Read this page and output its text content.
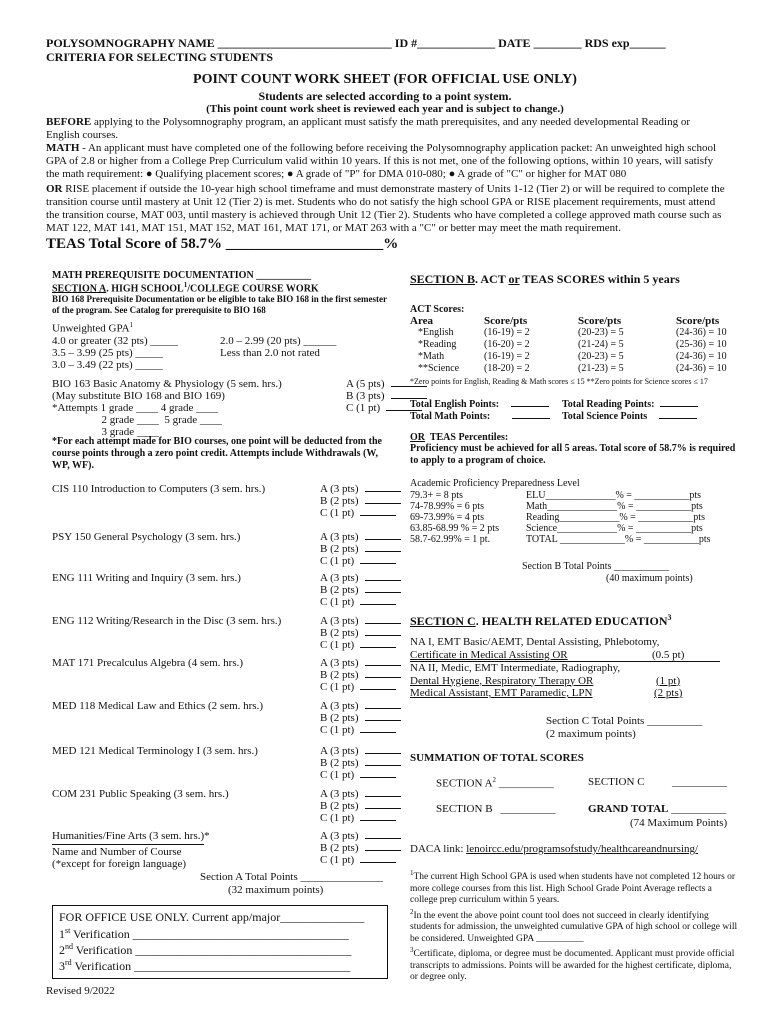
POLYSOMNOGRAPHY NAME _____________________________ ID #_____________ DATE ________ RDS exp______
CRITERIA FOR SELECTING STUDENTS
POINT COUNT WORK SHEET (FOR OFFICIAL USE ONLY)
Students are selected according to a point system.
(This point count work sheet is reviewed each year and is subject to change.)
BEFORE applying to the Polysomnography program, an applicant must satisfy the math prerequisites, and any needed developmental Reading or English courses.
MATH - An applicant must have completed one of the following before receiving the Polysomnography application packet: An unweighted high school GPA of 2.8 or higher from a College Prep Curriculum valid within 10 years. If this is not met, one of the following options, within 10 years, will satisfy the math requirement: ● Qualifying placement scores; ● A grade of "P" for DMA 010-080; ● A grade of "C" or higher for MAT 080
OR RISE placement if outside the 10-year high school timeframe and must demonstrate mastery of Units 1-12 (Tier 2) or will be required to complete the transition course until mastery at Unit 12 (Tier 2) is met. Students who do not satisfy the high school GPA or RISE placement requirements, must attend the transition course, MAT 003, until mastery is achieved through Unit 12 (Tier 2). Students who have completed a college approved math course such as MAT 122, MAT 141, MAT 151, MAT 152, MAT 161, MAT 171, or MAT 263 with a "C" or better may meet the math requirement.
TEAS Total Score of 58.7% _____________________%
MATH PREREQUISITE DOCUMENTATION ___________
SECTION A. HIGH SCHOOL$^1$/COLLEGE COURSE WORK
BIO 168 Prerequisite Documentation or be eligible to take BIO 168 in the first semester of the program. See Catalog for prerequisite to BIO 168
Unweighted GPA$^1$
4.0 or greater (32 pts) _____
3.5 – 3.99 (25 pts) _____
3.0 – 3.49 (22 pts) _____
2.0 – 2.99 (20 pts) ______
Less than 2.0 not rated
BIO 163 Basic Anatomy & Physiology (5 sem. hrs.)
(May substitute BIO 168 and BIO 169)
*Attempts 1 grade ____ 4 grade ____
2 grade ____  5 grade ____
3 grade ____
A (5 pts)
B (3 pts)
C (1 pt)
*For each attempt made for BIO courses, one point will be deducted from the course points through a zero point credit. Attempts include Withdrawals (W, WP, WF).
CIS 110 Introduction to Computers (3 sem. hrs.)	A (3 pts)
B (2 pts)
C (1 pt)
PSY 150 General Psychology (3 sem. hrs.)	A (3 pts)
B (2 pts)
C (1 pt)
ENG 111 Writing and Inquiry (3 sem. hrs.)	A (3 pts)
B (2 pts)
C (1 pt)
ENG 112 Writing/Research in the Disc (3 sem. hrs.)	A (3 pts)
B (2 pts)
C (1 pt)
MAT 171 Precalculus Algebra (4 sem. hrs.)	A (3 pts)
B (2 pts)
C (1 pt)
MED 118 Medical Law and Ethics (2 sem. hrs.)	A (3 pts)
B (2 pts)
C (1 pt)
MED 121 Medical Terminology I (3 sem. hrs.)	A (3 pts)
B (2 pts)
C (1 pt)
COM 231 Public Speaking (3 sem. hrs.)	A (3 pts)
B (2 pts)
C (1 pt)
Humanities/Fine Arts (3 sem. hrs.)*	A (3 pts)
B (2 pts)
C (1 pt)
Name and Number of Course
(*except for foreign language)
Section A Total Points _______________
(32 maximum points)
FOR OFFICE USE ONLY. Current app/major______________
1st Verification ____________________________________
2nd Verification ____________________________________
3rd Verification ____________________________________
Revised 9/2022
SECTION B. ACT or TEAS SCORES within 5 years
ACT Scores:
Area	Score/pts	Score/pts	Score/pts
*English	(16-19) = 2	(20-23) = 5	(24-36) = 10
*Reading	(16-20) = 2	(21-24) = 5	(25-36) = 10
*Math	(16-19) = 2	(20-23) = 5	(24-36) = 10
**Science	(18-20) = 2	(21-23) = 5	(24-36) = 10
*Zero points for English, Reading & Math scores ≤ 15 **Zero points for Science scores ≤ 17
Total English Points:	Total Reading Points:
Total Math Points:	Total Science Points
OR  TEAS Percentiles:
Proficiency must be achieved for all 5 areas. Total score of 58.7% is required to apply to a program of choice.
Academic Proficiency Preparedness Level
79.3+ = 8 pts
74-78.99% = 6 pts
69-73.99% = 4 pts
63.85-68.99 % = 2 pts
58.7-62.99% = 1 pt.
ELU______________% = ___________pts
Math______________% = ___________pts
Reading____________% = ___________pts
Science____________% = ___________pts
TOTAL _____________% = ___________pts
Section B Total Points ___________
(40 maximum points)
SECTION C. HEALTH RELATED EDUCATION$^3$
NA I, EMT Basic/AEMT, Dental Assisting, Phlebotomy,
Certificate in Medical Assisting OR	(0.5 pt)
NA II, Medic, EMT Intermediate, Radiography,
Dental Hygiene, Respiratory Therapy OR	(1 pt)
Medical Assistant, EMT Paramedic, LPN	(2 pts)
Section C Total Points __________
(2 maximum points)
SUMMATION OF TOTAL SCORES
SECTION $A^2$ __________	SECTION C __________
SECTION B __________	GRAND TOTAL __________
(74 Maximum Points)
DACA link: lenoircc.edu/programsofstudy/healthcareandnursing/
$^1$The current High School GPA is used when students have not completed 12 hours or more college courses from this list. High School Grade Point Average reflects a college prep curriculum within 5 years.
$^2$In the event the above point count tool does not succeed in clearly identifying students for admission, the unweighted cumulative GPA of high school or college will be considered. Unweighted GPA __________
$^3$Certificate, diploma, or degree must be documented. Applicant must provide official transcripts to admissions. Points will be awarded for the highest certificate, diploma, or degree only.
